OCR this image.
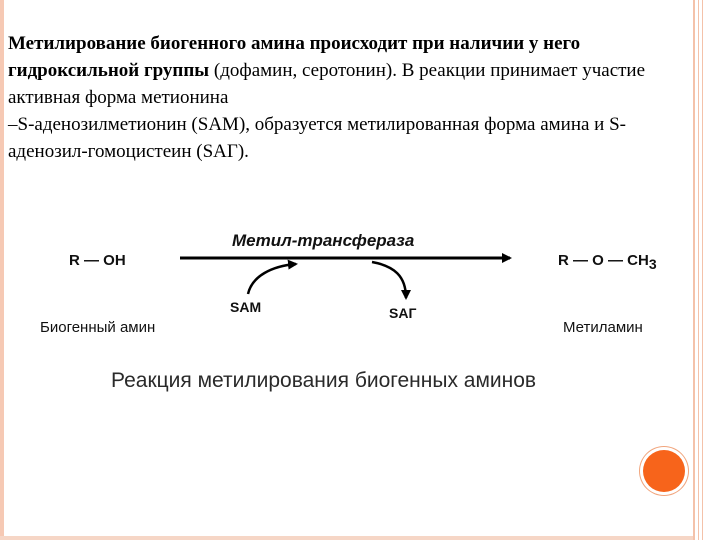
Метилирование биогенного амина происходит при наличии у него гидроксильной группы (дофамин, серотонин). В реакции принимает участие активная форма метионина
–S-аденозилметионин (SAM), образуется метилированная форма амина и S-аденозил-гомоцистеин (SAГ).
Метил-трансфераза
R — OH	R — O — CH3
SAM	SAГ
Биогенный амин	Метиламин
Реакция метилирования биогенных аминов
